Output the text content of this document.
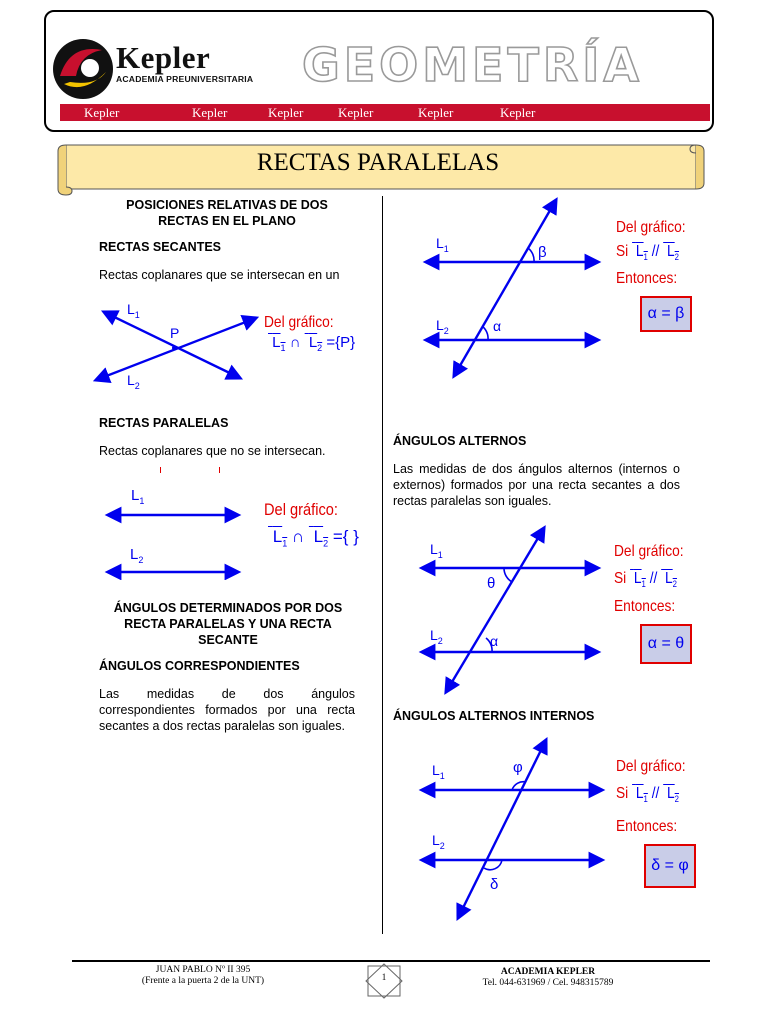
Kepler
ACADEMIA PREUNIVERSITARIA GEOMETRÍA
Kepler	Kepler	Kepler	Kepler	Kepler	Kepler
RECTAS PARALELAS
POSICIONES RELATIVAS DE DOS RECTAS EN EL PLANO
RECTAS SECANTES
Rectas coplanares que se intersecan en un
$L_1$
$L_2$
P
Del gráfico:
$L_1$ ∩ $L_2 =\{P\}$
RECTAS PARALELAS
Rectas coplanares que no se intersecan.
$L_1$
$L_2$
Del gráfico:
$L_1$ ∩ $L_2$ ={ }
ÁNGULOS DETERMINADOS POR DOS RECTA PARALELAS Y UNA RECTA SECANTE
ÁNGULOS CORRESPONDIENTES
Las medidas de dos ángulos correspondientes formados por una recta secantes a dos rectas paralelas son iguales.
$L_1$
$L_2$
β
α
Del gráfico:
Si $L_1 // L_2$
Entonces:
α = β
ÁNGULOS ALTERNOS
Las medidas de dos ángulos alternos (internos o externos) formados por una recta secantes a dos rectas paralelas son iguales.
$L_1$
$L_2$
θ
α
Del gráfico:
Si $L_1 // L_2$
Entonces:
α = θ
ÁNGULOS ALTERNOS INTERNOS
$L_1$
$L_2$
φ
δ
Del gráfico:
Si $L_1 // L_2$
Entonces:
δ = φ
JUAN PABLO Nº II 395
(Frente a la puerta 2 de la UNT)	1	ACADEMIA KEPLER
Tel. 044-631969 / Cel. 948315789
